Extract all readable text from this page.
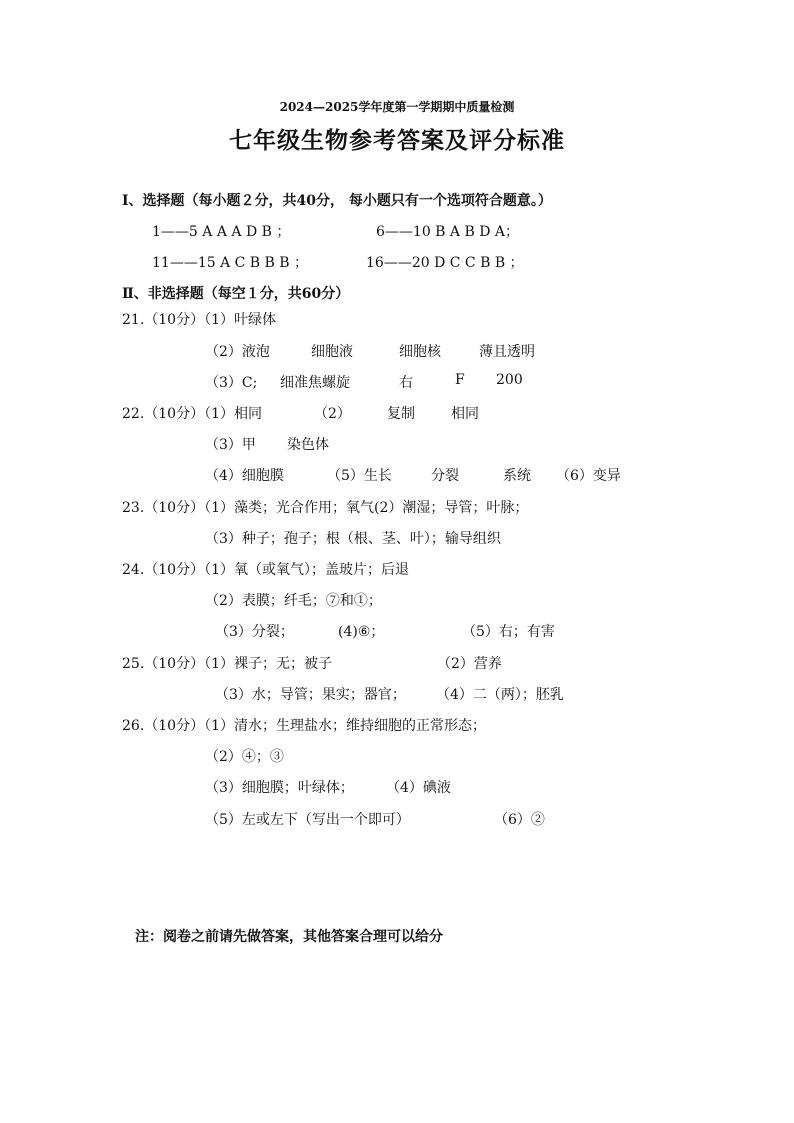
2024—2025学年度第一学期期中质量检测
七年级生物参考答案及评分标准
Ⅰ、选择题（每小题２分，共40分， 每小题只有一个选项符合题意。）
1——5 A A A D B ；	6——10 B A B D A；
11——15 A C B B B ；	16——20 D C C B B ；
Ⅱ、非选择题（每空１分，共60分）
21.（10分）（1）叶绿体
（2）液泡	细胞液	细胞核	薄且透明
（3）C; 细准焦螺旋	右	F 200
22.（10分）（1）相同	（2）	复制	相同
（3）甲 染色体
（4）细胞膜	（5）生长	分裂	系统 （6）变异
23.（10分）（1）藻类；光合作用；氧气(2）潮湿；导管；叶脉；
（3）种子；孢子；根（根、茎、叶）；输导组织
24.（10分）（1）氧（或氧气）；盖玻片；后退
（2）表膜；纤毛；⑦和①；
（3）分裂；	(4)⑥；	（5）右；有害
25.（10分）（1）裸子；无；被子	（2）营养
（3）水；导管；果实；器官； （4）二（两）；胚乳
26.（10分）（1）清水；生理盐水；维持细胞的正常形态；
（2）④；③
（3）细胞膜；叶绿体； （4）碘液
（5）左或左下（写出一个即可）	（6）②
注：阅卷之前请先做答案，其他答案合理可以给分
